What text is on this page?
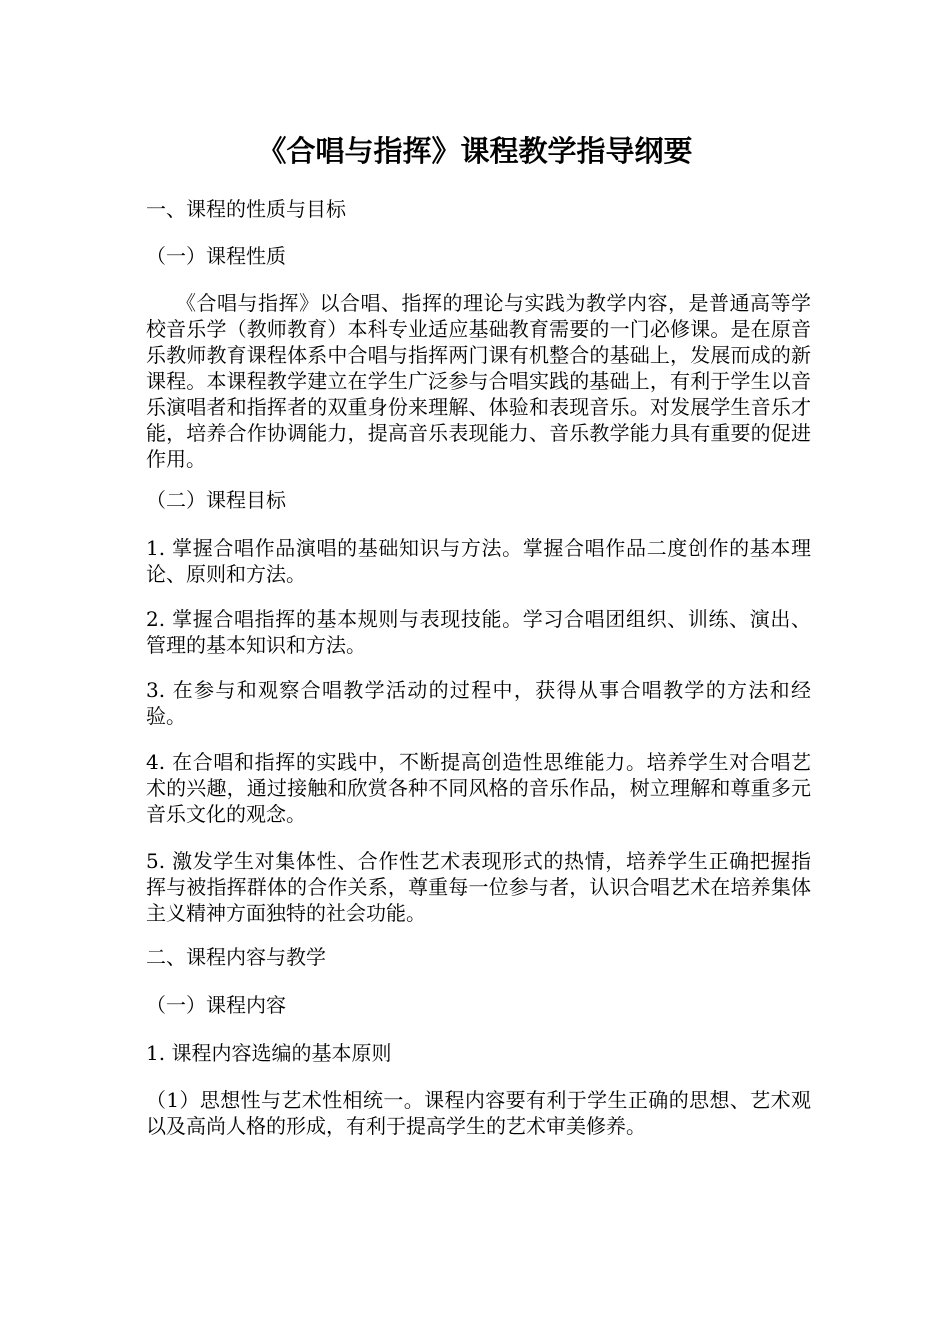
《合唱与指挥》课程教学指导纲要
一、课程的性质与目标
（一）课程性质

《合唱与指挥》以合唱、指挥的理论与实践为教学内容，是普通高等学校音乐学（教师教育）本科专业适应基础教育需要的一门必修课。是在原音乐教师教育课程体系中合唱与指挥两门课有机整合的基础上，发展而成的新课程。本课程教学建立在学生广泛参与合唱实践的基础上，有利于学生以音乐演唱者和指挥者的双重身份来理解、体验和表现音乐。对发展学生音乐才能，培养合作协调能力，提高音乐表现能力、音乐教学能力具有重要的促进作用。

（二）课程目标

1. 掌握合唱作品演唱的基础知识与方法。掌握合唱作品二度创作的基本理论、原则和方法。

2. 掌握合唱指挥的基本规则与表现技能。学习合唱团组织、训练、演出、管理的基本知识和方法。

3. 在参与和观察合唱教学活动的过程中，获得从事合唱教学的方法和经验。

4. 在合唱和指挥的实践中，不断提高创造性思维能力。培养学生对合唱艺术的兴趣，通过接触和欣赏各种不同风格的音乐作品，树立理解和尊重多元音乐文化的观念。

5. 激发学生对集体性、合作性艺术表现形式的热情，培养学生正确把握指挥与被指挥群体的合作关系，尊重每一位参与者，认识合唱艺术在培养集体主义精神方面独特的社会功能。

二、课程内容与教学
（一）课程内容
1. 课程内容选编的基本原则

（1）思想性与艺术性相统一。课程内容要有利于学生正确的思想、艺术观以及高尚人格的形成，有利于提高学生的艺术审美修养。
